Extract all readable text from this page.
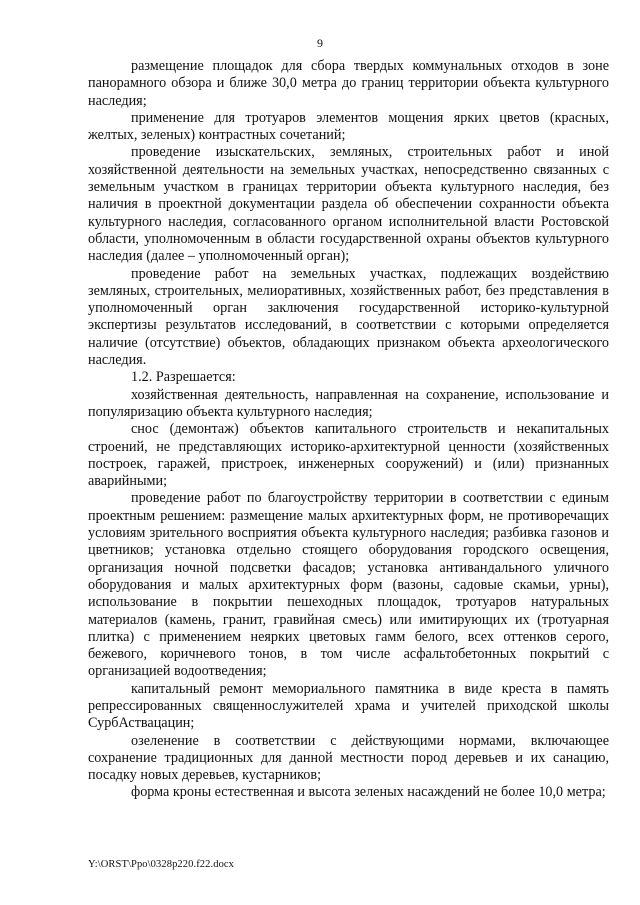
9

размещение площадок для сбора твердых коммунальных отходов в зоне панорамного обзора и ближе 30,0 метра до границ территории объекта культурного наследия;

применение для тротуаров элементов мощения ярких цветов (красных, желтых, зеленых) контрастных сочетаний;

проведение изыскательских, земляных, строительных работ и иной хозяйственной деятельности на земельных участках, непосредственно связанных с земельным участком в границах территории объекта культурного наследия, без наличия в проектной документации раздела об обеспечении сохранности объекта культурного наследия, согласованного органом исполнительной власти Ростовской области, уполномоченным в области государственной охраны объектов культурного наследия (далее – уполномоченный орган);

проведение работ на земельных участках, подлежащих воздействию земляных, строительных, мелиоративных, хозяйственных работ, без представления в уполномоченный орган заключения государственной историко-культурной экспертизы результатов исследований, в соответствии с которыми определяется наличие (отсутствие) объектов, обладающих признаком объекта археологического наследия.

1.2. Разрешается:

хозяйственная деятельность, направленная на сохранение, использование и популяризацию объекта культурного наследия;

снос (демонтаж) объектов капитального строительств и некапитальных строений, не представляющих историко-архитектурной ценности (хозяйственных построек, гаражей, пристроек, инженерных сооружений) и (или) признанных аварийными;

проведение работ по благоустройству территории в соответствии с единым проектным решением: размещение малых архитектурных форм, не противоречащих условиям зрительного восприятия объекта культурного наследия; разбивка газонов и цветников; установка отдельно стоящего оборудования городского освещения, организация ночной подсветки фасадов; установка антивандального уличного оборудования и малых архитектурных форм (вазоны, садовые скамьи, урны), использование в покрытии пешеходных площадок, тротуаров натуральных материалов (камень, гранит, гравийная смесь) или имитирующих их (тротуарная плитка) с применением неярких цветовых гамм белого, всех оттенков серого, бежевого, коричневого тонов, в том числе асфальтобетонных покрытий с организацией водоотведения;

капитальный ремонт мемориального памятника в виде креста в память репрессированных священнослужителей храма и учителей приходской школы СурбАствацацин;

озеленение в соответствии с действующими нормами, включающее сохранение традиционных для данной местности пород деревьев и их санацию, посадку новых деревьев, кустарников;

форма кроны естественная и высота зеленых насаждений не более 10,0 метра;

Y:\ORST\Ppo\0328p220.f22.docx
